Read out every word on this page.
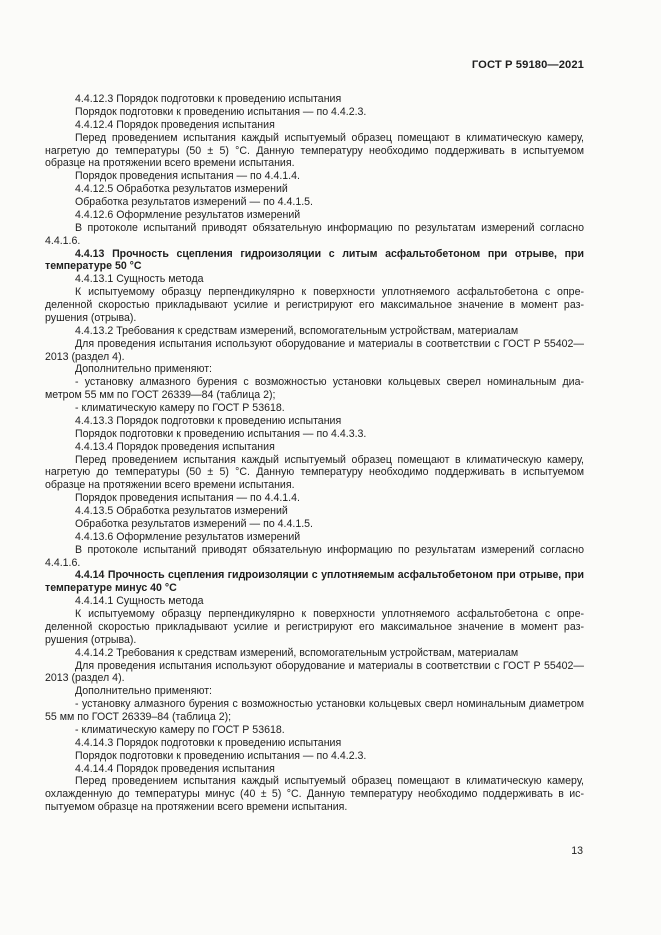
ГОСТ Р 59180—2021

4.4.12.3 Порядок подготовки к проведению испытания

Порядок подготовки к проведению испытания — по 4.4.2.3.

4.4.12.4 Порядок проведения испытания

Перед проведением испытания каждый испытуемый образец помещают в климатическую камеру, нагретую до температуры (50 ± 5) °С. Данную температуру необходимо поддерживать в испытуемом образце на протяжении всего времени испытания.

Порядок проведения испытания — по 4.4.1.4.

4.4.12.5 Обработка результатов измерений

Обработка результатов измерений — по 4.4.1.5.

4.4.12.6 Оформление результатов измерений

В протоколе испытаний приводят обязательную информацию по результатам измерений согласно 4.4.1.6.

4.4.13 Прочность сцепления гидроизоляции с литым асфальтобетоном при отрыве, при температуре 50 °С

4.4.13.1 Сущность метода

К испытуемому образцу перпендикулярно к поверхности уплотняемого асфальтобетона с определенной скоростью прикладывают усилие и регистрируют его максимальное значение в момент разрушения (отрыва).

4.4.13.2 Требования к средствам измерений, вспомогательным устройствам, материалам

Для проведения испытания используют оборудование и материалы в соответствии с ГОСТ Р 55402—2013 (раздел 4).

Дополнительно применяют:

- установку алмазного бурения с возможностью установки кольцевых сверел номинальным диаметром 55 мм по ГОСТ 26339—84 (таблица 2);

- климатическую камеру по ГОСТ Р 53618.

4.4.13.3 Порядок подготовки к проведению испытания

Порядок подготовки к проведению испытания — по 4.4.3.3.

4.4.13.4 Порядок проведения испытания

Перед проведением испытания каждый испытуемый образец помещают в климатическую камеру, нагретую до температуры (50 ± 5) °С. Данную температуру необходимо поддерживать в испытуемом образце на протяжении всего времени испытания.

Порядок проведения испытания — по 4.4.1.4.

4.4.13.5 Обработка результатов измерений

Обработка результатов измерений — по 4.4.1.5.

4.4.13.6 Оформление результатов измерений

В протоколе испытаний приводят обязательную информацию по результатам измерений согласно 4.4.1.6.

4.4.14 Прочность сцепления гидроизоляции с уплотняемым асфальтобетоном при отрыве, при температуре минус 40 °С

4.4.14.1 Сущность метода

К испытуемому образцу перпендикулярно к поверхности уплотняемого асфальтобетона с определенной скоростью прикладывают усилие и регистрируют его максимальное значение в момент разрушения (отрыва).

4.4.14.2 Требования к средствам измерений, вспомогательным устройствам, материалам

Для проведения испытания используют оборудование и материалы в соответствии с ГОСТ Р 55402—2013 (раздел 4).

Дополнительно применяют:

- установку алмазного бурения с возможностью установки кольцевых сверл номинальным диаметром 55 мм по ГОСТ 26339–84 (таблица 2);

- климатическую камеру по ГОСТ Р 53618.

4.4.14.3 Порядок подготовки к проведению испытания

Порядок подготовки к проведению испытания — по 4.4.2.3.

4.4.14.4 Порядок проведения испытания

Перед проведением испытания каждый испытуемый образец помещают в климатическую камеру, охлажденную до температуры минус (40 ± 5) °С. Данную температуру необходимо поддерживать в испытуемом образце на протяжении всего времени испытания.

13
